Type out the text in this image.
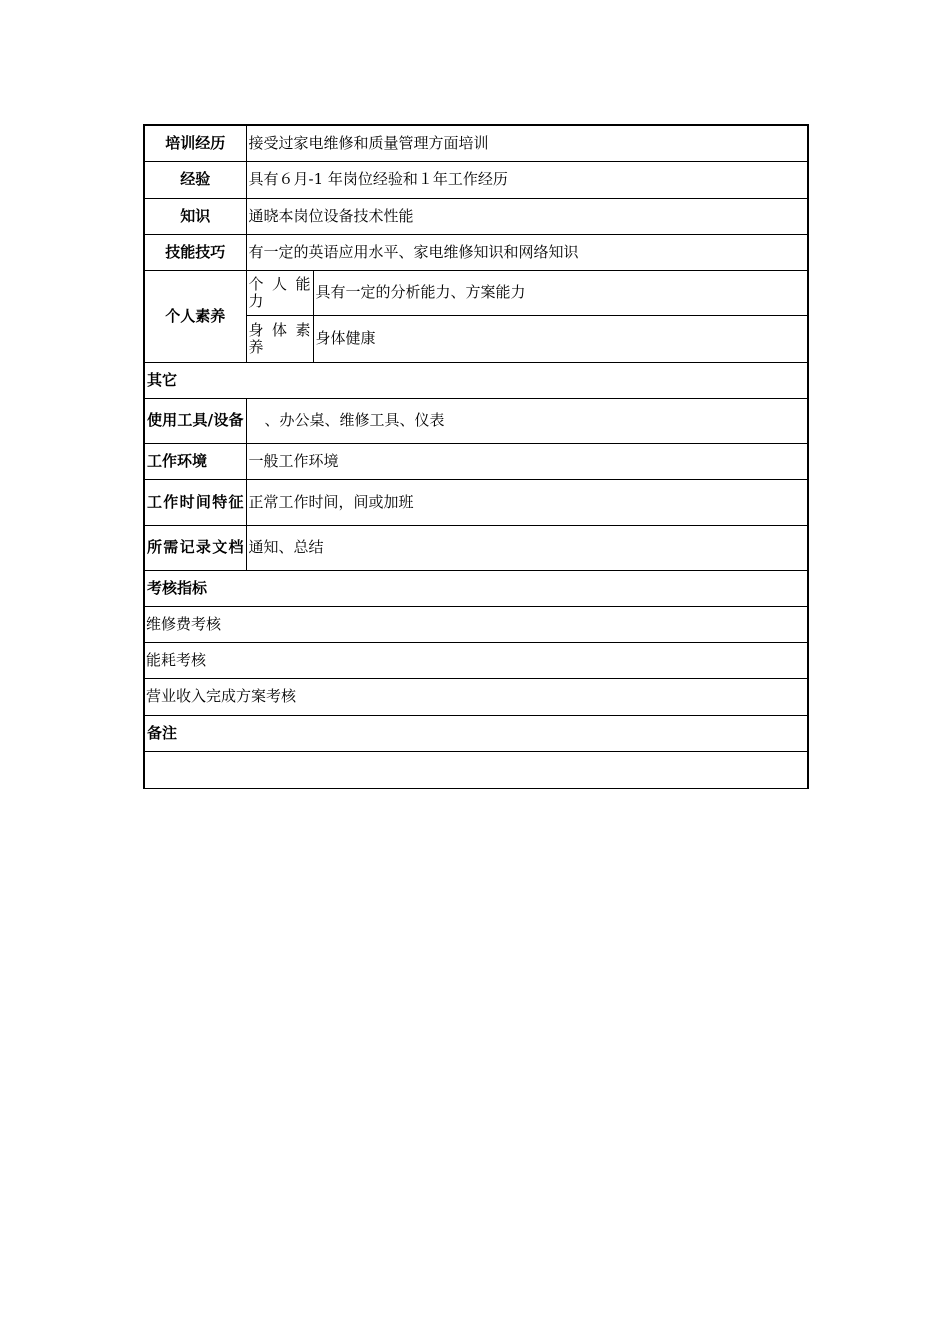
培训经历	接受过家电维修和质量管理方面培训	
经验	具有６月-1 年岗位经验和１年工作经历	
知识	通晓本岗位设备技术性能	
技能技巧	有一定的英语应用水平、家电维修知识和网络知识	
个人素养	个 人 能 力	具有一定的分析能力、方案能力
	身 体 素 养	身体健康
其它		
使用工具/设备	、办公桌、维修工具、仪表	
工作环境	一般工作环境	
工作时间特征	正常工作时间，间或加班	
所需记录文档	通知、总结	
考核指标		
维修费考核		
能耗考核		
营业收入完成方案考核		
备注		
